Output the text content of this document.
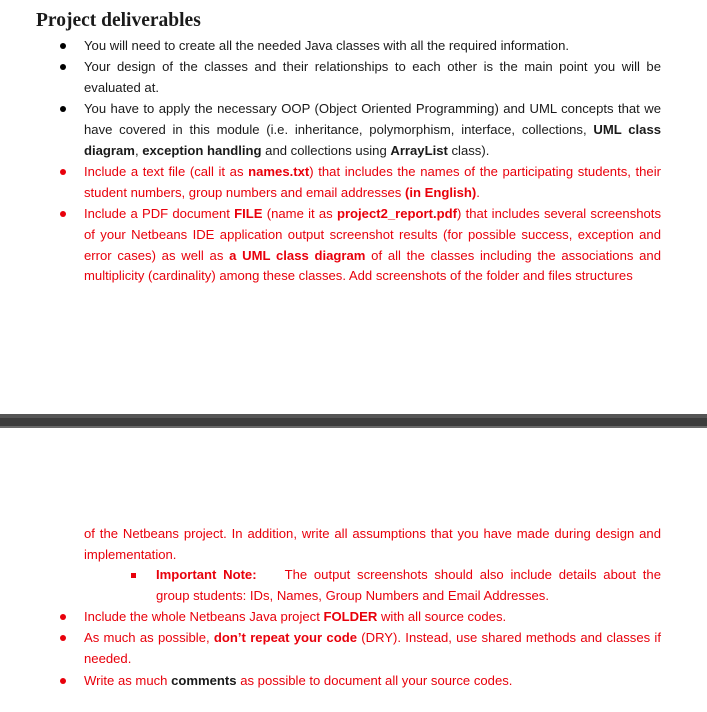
Project deliverables
You will need to create all the needed Java classes with all the required information.
Your design of the classes and their relationships to each other is the main point you will be evaluated at.
You have to apply the necessary OOP (Object Oriented Programming) and UML concepts that we have covered in this module (i.e. inheritance, polymorphism, interface, collections, UML class diagram, exception handling and collections using ArrayList class).
Include a text file (call it as names.txt) that includes the names of the participating students, their student numbers, group numbers and email addresses (in English).
Include a PDF document FILE (name it as project2_report.pdf) that includes several screenshots of your Netbeans IDE application output screenshot results (for possible success, exception and error cases) as well as a UML class diagram of all the classes including the associations and multiplicity (cardinality) among these classes. Add screenshots of the folder and files structures
of the Netbeans project. In addition, write all assumptions that you have made during design and implementation.
Important Note: The output screenshots should also include details about the group students: IDs, Names, Group Numbers and Email Addresses.
Include the whole Netbeans Java project FOLDER with all source codes.
As much as possible, don’t repeat your code (DRY). Instead, use shared methods and classes if needed.
Write as much comments as possible to document all your source codes.
